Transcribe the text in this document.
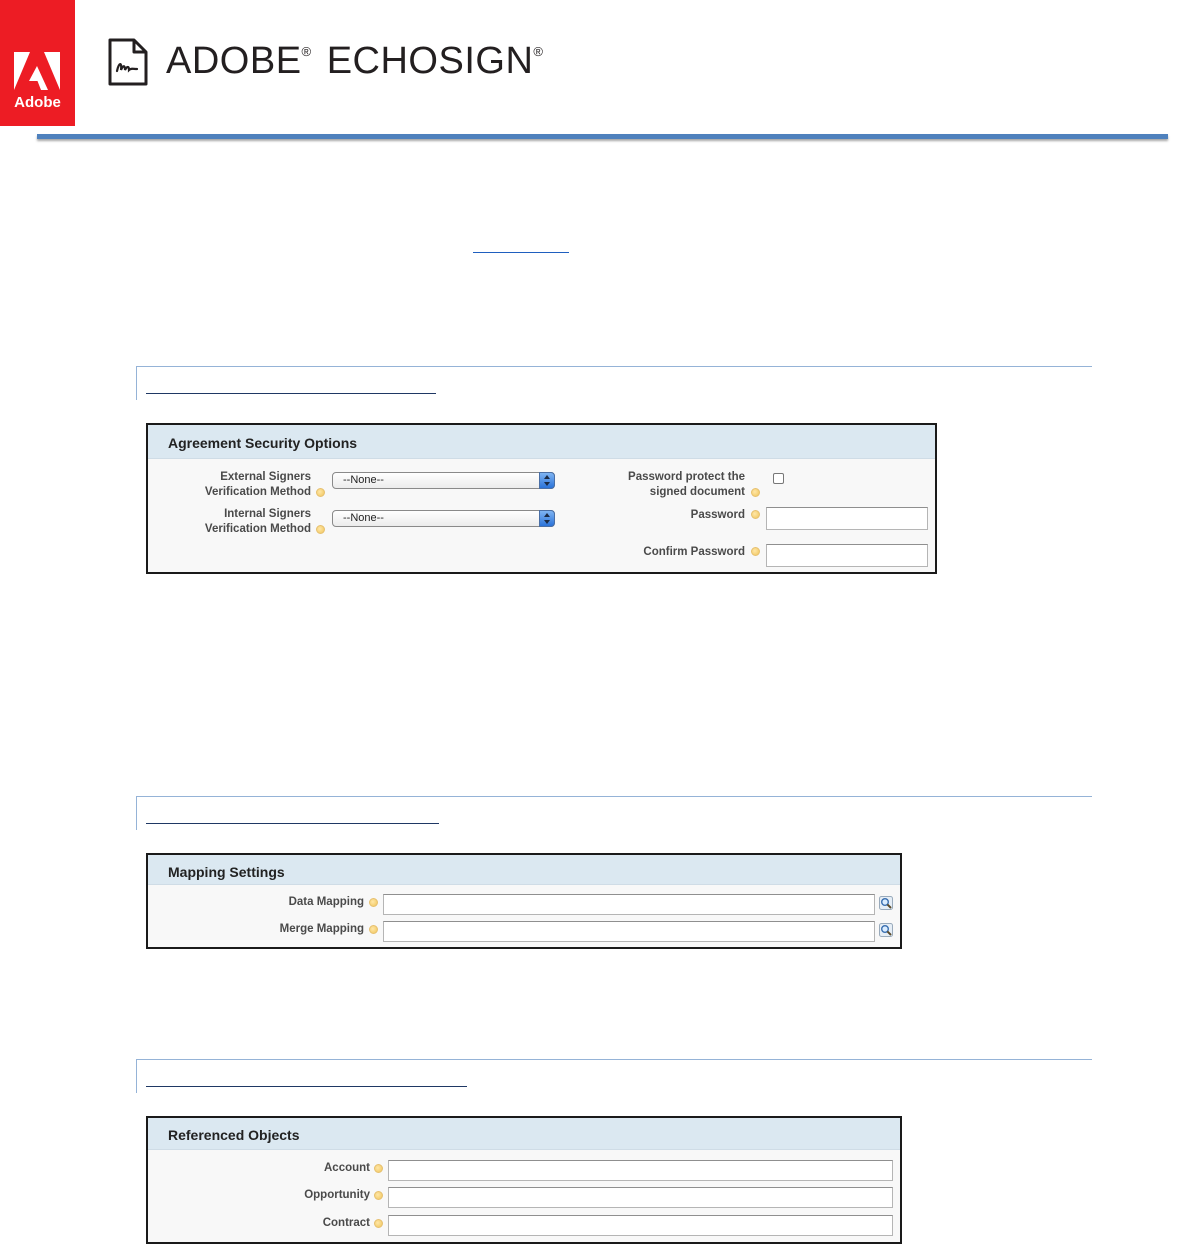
Adobe
ADOBE® ECHOSIGN®
Agreement Security Options
External Signers
Verification Method
--None--
Internal Signers
Verification Method
--None--
Password protect the
signed document
Password
Confirm Password
Mapping Settings
Data Mapping
Merge Mapping
Referenced Objects
Account
Opportunity
Contract
